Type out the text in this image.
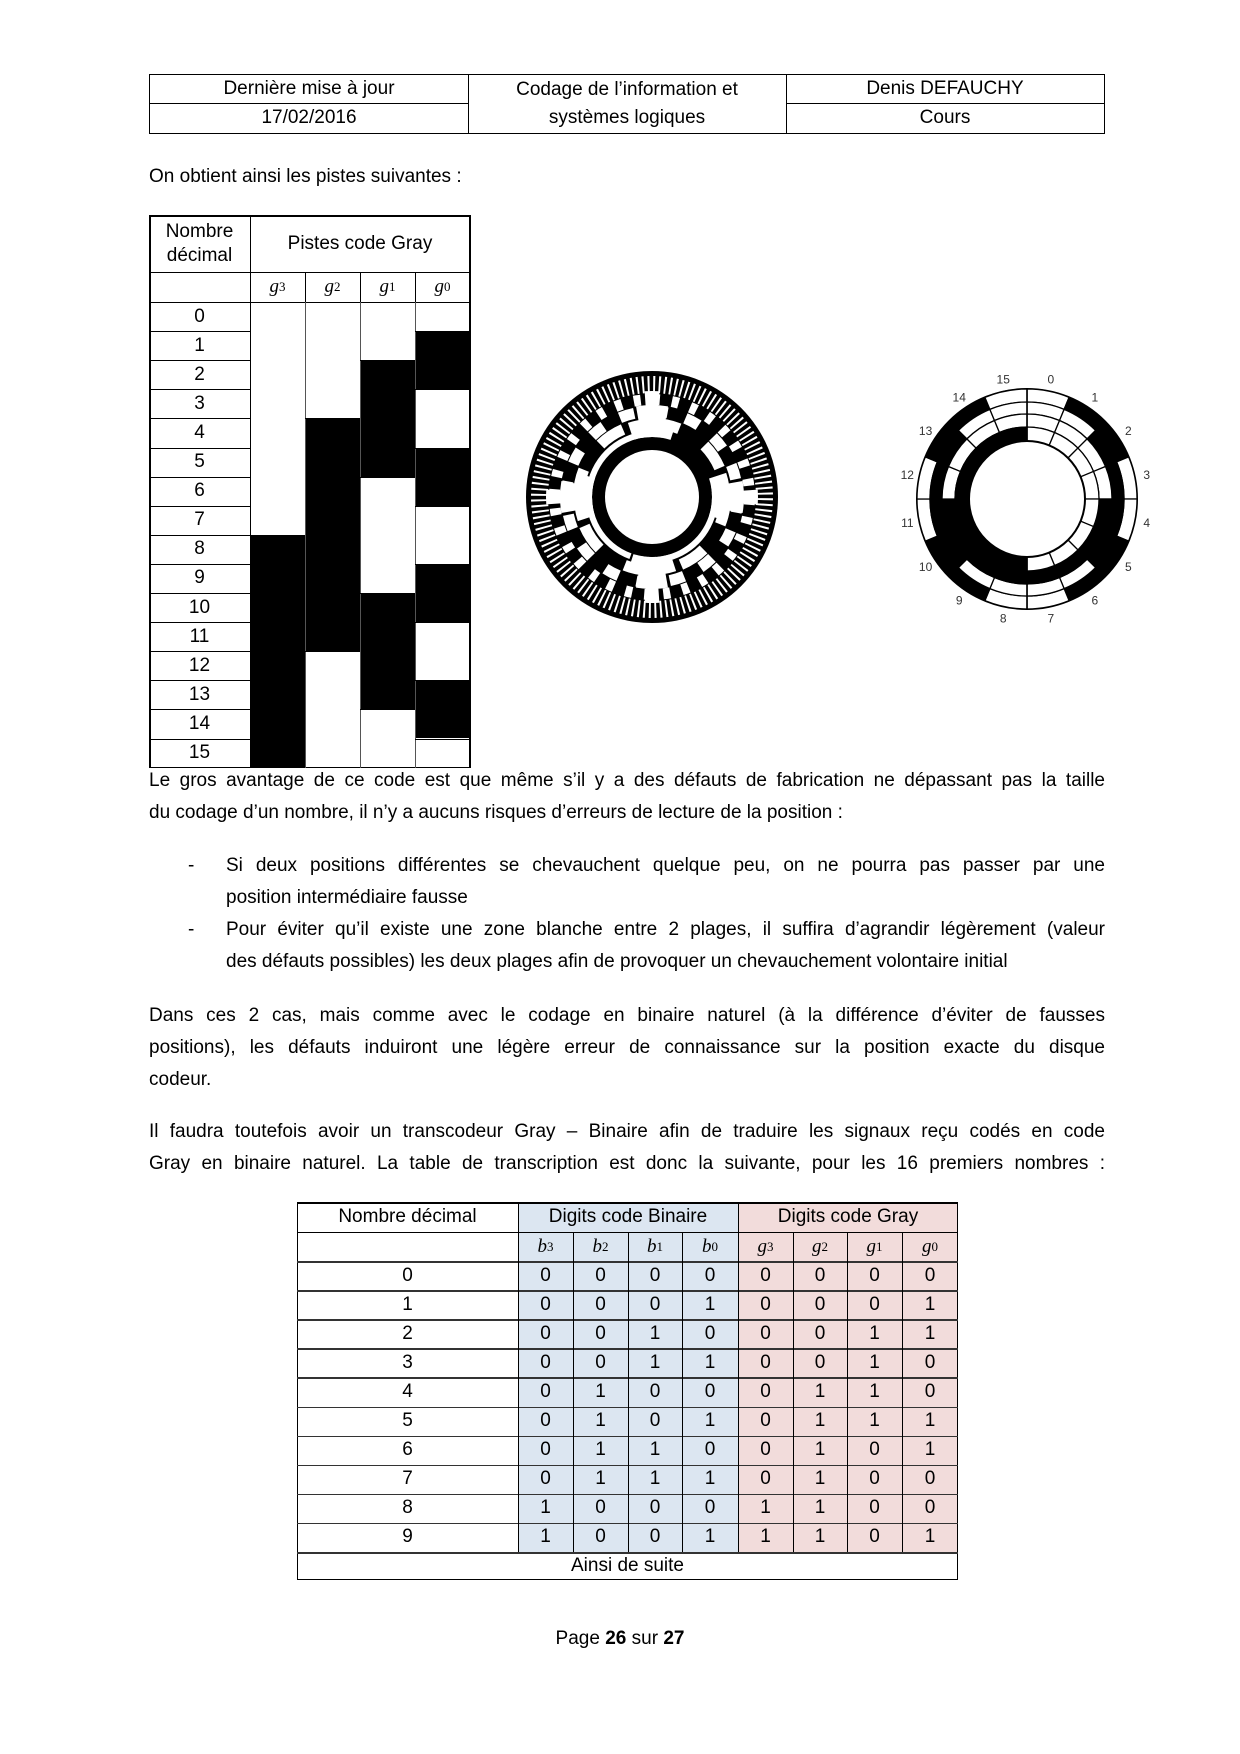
Dernière mise à jour
17/02/2016
Codage de l’information et
systèmes logiques
Denis DEFAUCHY
Cours
On obtient ainsi les pistes suivantes :
Nombre
décimal
Pistes code Gray
g 3	g 2	g 1	g 0
0
1
2
3
4
5
6
7
8
9
10
11
12
13
14
15
0
1
2
3
4
5
6
7
8
9
10
11
12
13
14
15
Le gros avantage de ce code est que même s’il y a des défauts de fabrication ne dépassant pas la taille
du codage d’un nombre, il n’y a aucuns risques d’erreurs de lecture de la position :
- Si deux positions différentes se chevauchent quelque peu, on ne pourra pas passer par une
position intermédiaire fausse
- Pour éviter qu’il existe une zone blanche entre 2 plages, il suffira d’agrandir légèrement (valeur
des défauts possibles) les deux plages afin de provoquer un chevauchement volontaire initial
Dans ces 2 cas, mais comme avec le codage en binaire naturel (à la différence d’éviter de fausses
positions), les défauts induiront une légère erreur de connaissance sur la position exacte du disque
codeur.
Il faudra toutefois avoir un transcodeur Gray – Binaire afin de traduire les signaux reçu codés en code
Gray en binaire naturel. La table de transcription est donc la suivante, pour les 16 premiers nombres :
Nombre décimal	Digits code Binaire	Digits code Gray
b 3	b 2	b 1	b 0	g 3	g 2	g 1	g 0
0	0	0	0	0	0	0	0	0
1	0	0	0	1	0	0	0	1
2	0	0	1	0	0	0	1	1
3	0	0	1	1	0	0	1	0
4	0	1	0	0	0	1	1	0
5	0	1	0	1	0	1	1	1
6	0	1	1	0	0	1	0	1
7	0	1	1	1	0	1	0	0
8	1	0	0	0	1	1	0	0
9	1	0	0	1	1	1	0	1
Ainsi de suite
Page 26 sur 27
